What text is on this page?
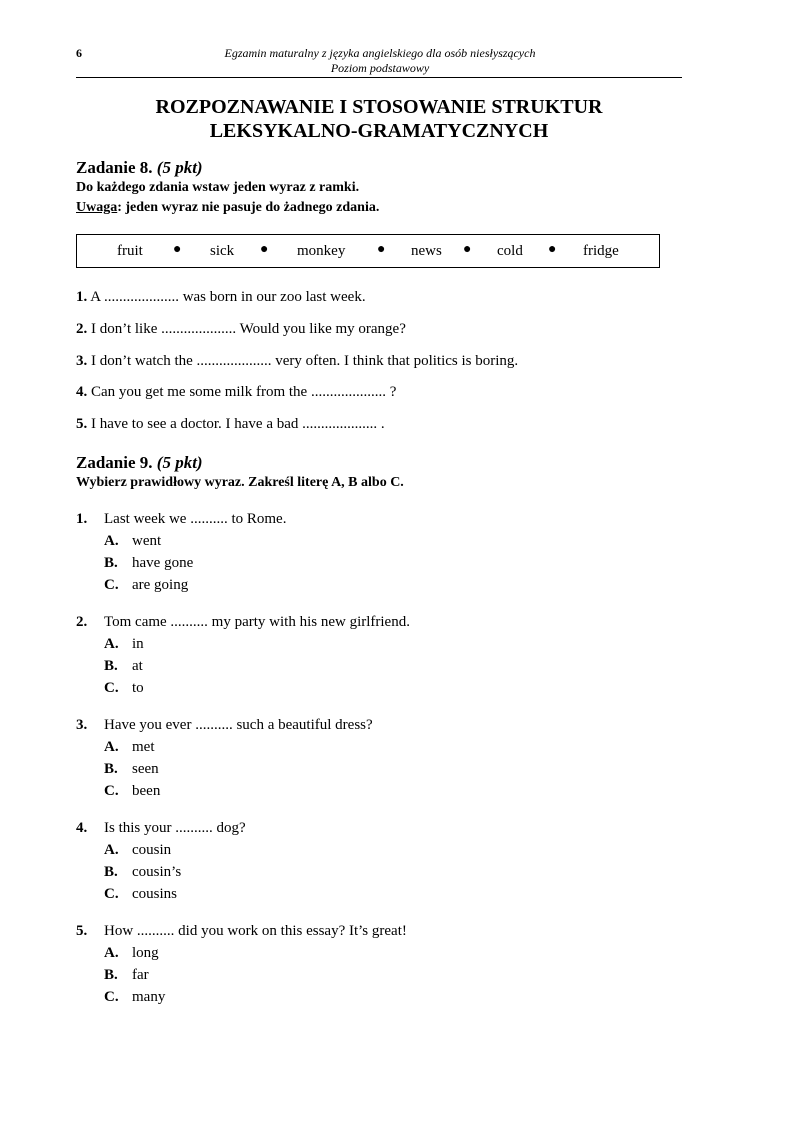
6	Egzamin maturalny z języka angielskiego dla osób niesłyszących
Poziom podstawowy
ROZPOZNAWANIE I STOSOWANIE STRUKTUR
LEKSYKALNO-GRAMATYCZNYCH
Zadanie 8. (5 pkt)
Do każdego zdania wstaw jeden wyraz z ramki.
Uwaga: jeden wyraz nie pasuje do żadnego zdania.
fruit ● sick ● monkey ● news ● cold ● fridge
1. A .................... was born in our zoo last week.
2. I don’t like .................... Would you like my orange?
3. I don’t watch the .................... very often. I think that politics is boring.
4. Can you get me some milk from the .................... ?
5. I have to see a doctor. I have a bad .................... .
Zadanie 9. (5 pkt)
Wybierz prawidłowy wyraz. Zakreśl literę A, B albo C.
1. Last week we .......... to Rome.
A. went
B. have gone
C. are going
2. Tom came .......... my party with his new girlfriend.
A. in
B. at
C. to
3. Have you ever .......... such a beautiful dress?
A. met
B. seen
C. been
4. Is this your .......... dog?
A. cousin
B. cousin’s
C. cousins
5. How .......... did you work on this essay? It’s great!
A. long
B. far
C. many
